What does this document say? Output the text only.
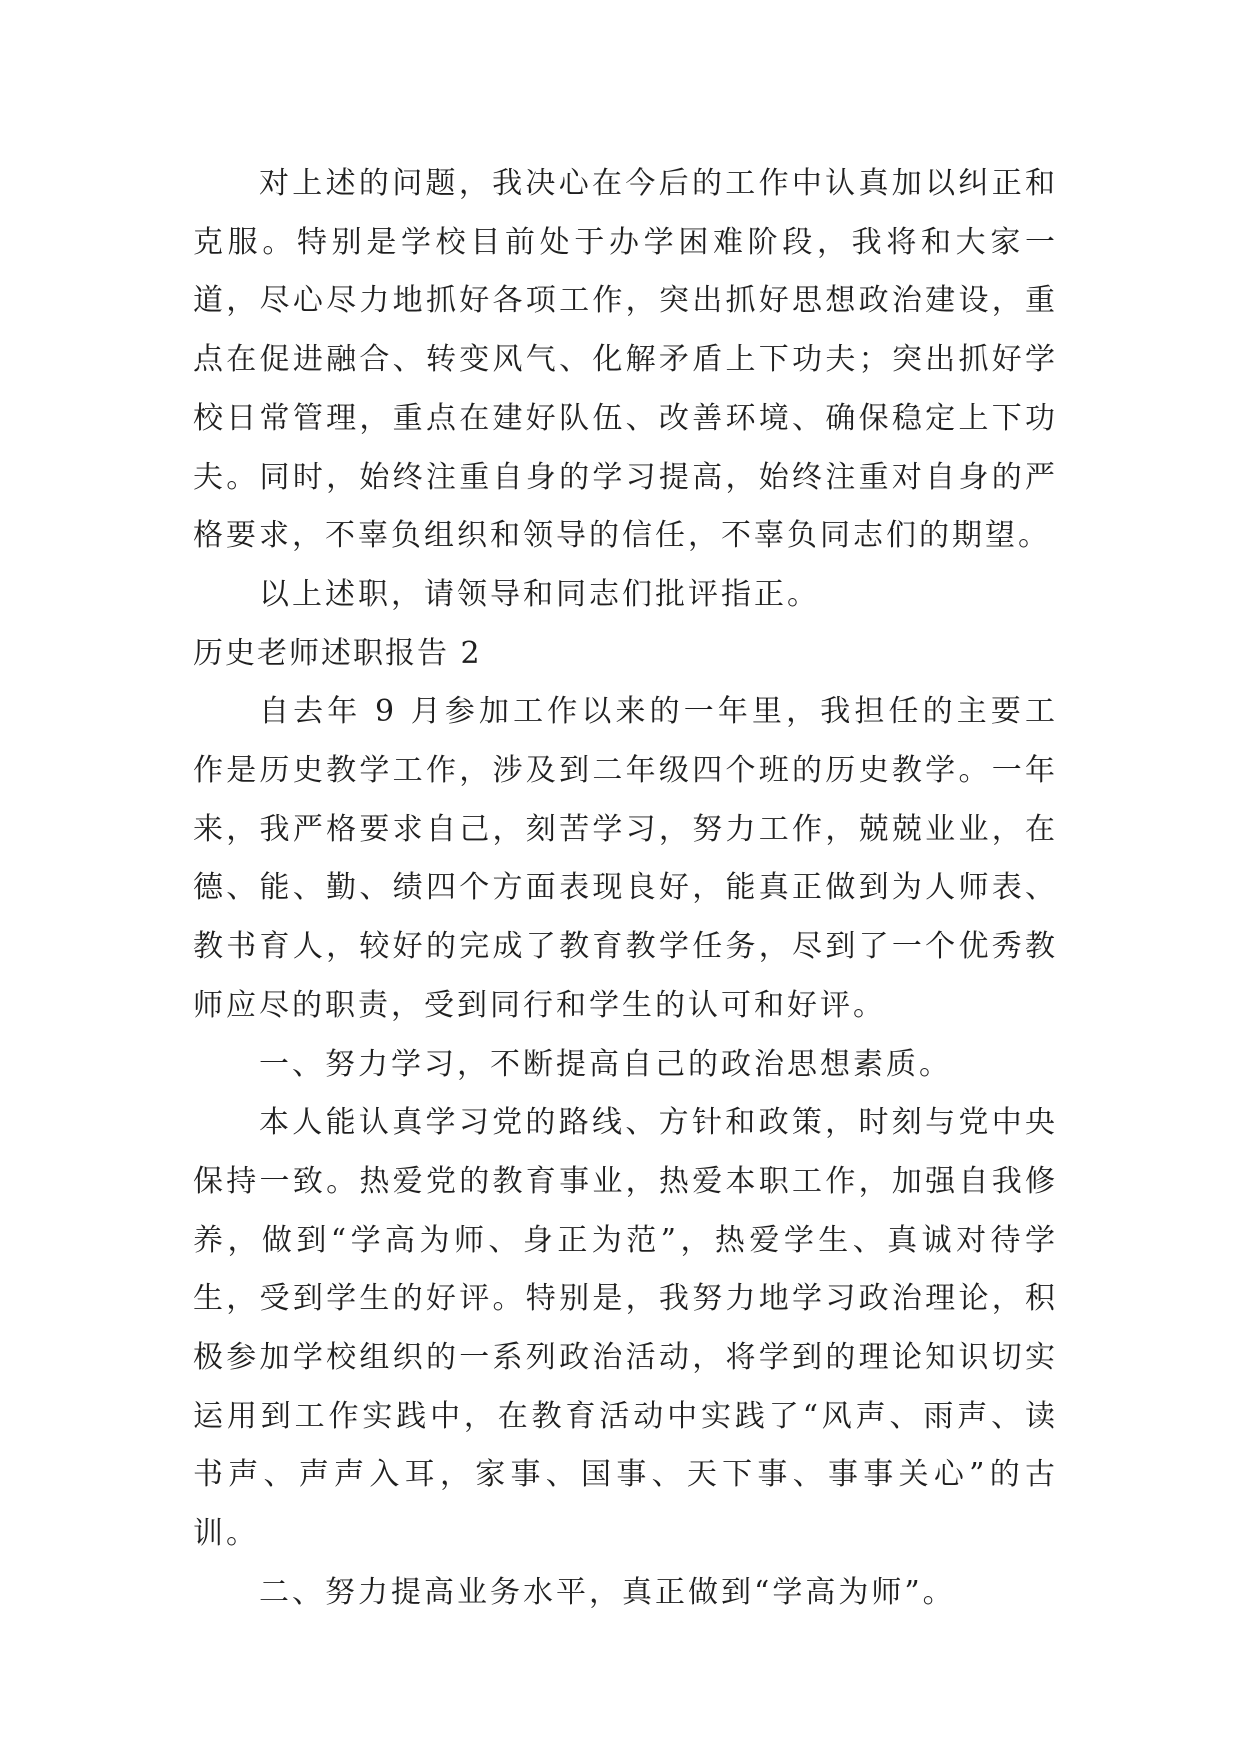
对上述的问题，我决心在今后的工作中认真加以纠正和克服。特别是学校目前处于办学困难阶段，我将和大家一道，尽心尽力地抓好各项工作，突出抓好思想政治建设，重点在促进融合、转变风气、化解矛盾上下功夫；突出抓好学校日常管理，重点在建好队伍、改善环境、确保稳定上下功夫。同时，始终注重自身的学习提高，始终注重对自身的严格要求，不辜负组织和领导的信任，不辜负同志们的期望。

以上述职，请领导和同志们批评指正。

历史老师述职报告 2

自去年 9 月参加工作以来的一年里，我担任的主要工作是历史教学工作，涉及到二年级四个班的历史教学。一年来，我严格要求自己，刻苦学习，努力工作，兢兢业业，在德、能、勤、绩四个方面表现良好，能真正做到为人师表、教书育人，较好的完成了教育教学任务，尽到了一个优秀教师应尽的职责，受到同行和学生的认可和好评。

一、努力学习，不断提高自己的政治思想素质。

本人能认真学习党的路线、方针和政策，时刻与党中央保持一致。热爱党的教育事业，热爱本职工作，加强自我修养，做到“学高为师、身正为范”，热爱学生、真诚对待学生，受到学生的好评。特别是，我努力地学习政治理论，积极参加学校组织的一系列政治活动，将学到的理论知识切实运用到工作实践中，在教育活动中实践了“风声、雨声、读书声、声声入耳，家事、国事、天下事、事事关心”的古训。

二、努力提高业务水平，真正做到“学高为师”。
